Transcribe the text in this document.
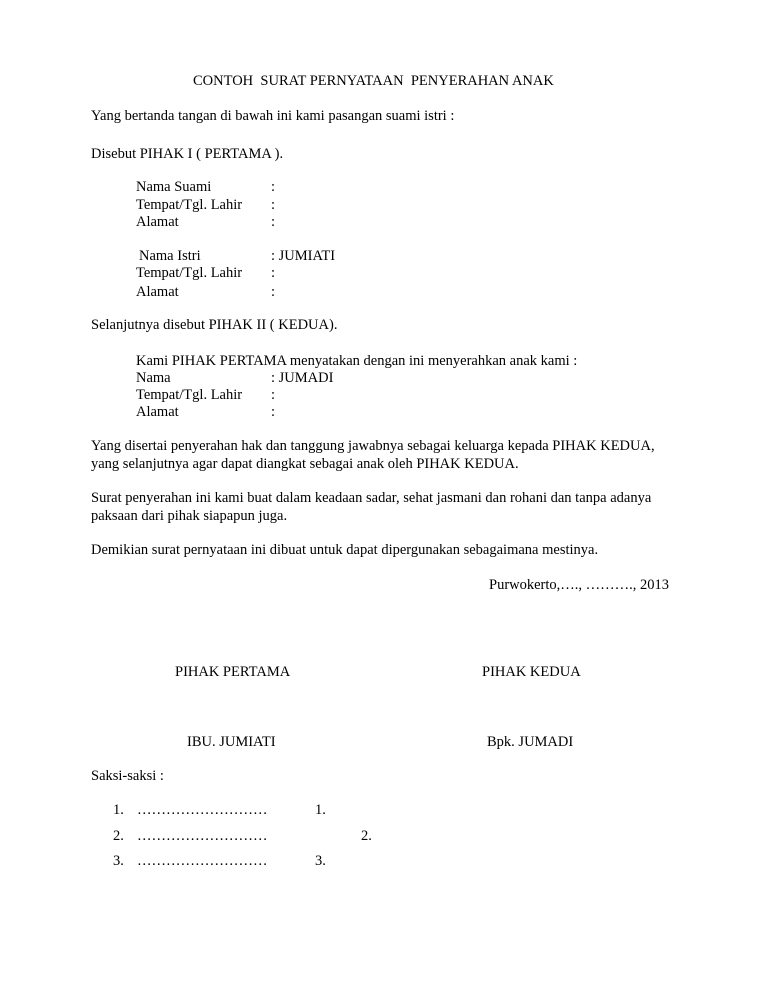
CONTOH  SURAT PERNYATAAN  PENYERAHAN ANAK
Yang bertanda tangan di bawah ini kami pasangan suami istri :
Disebut PIHAK I ( PERTAMA ).
Nama Suami	:
Tempat/Tgl. Lahir :
Alamat	:
Nama Istri	: JUMIATI
Tempat/Tgl. Lahir :
Alamat	:
Selanjutnya disebut PIHAK II ( KEDUA).
Kami PIHAK PERTAMA menyatakan dengan ini menyerahkan anak kami :
Nama	: JUMADI
Tempat/Tgl. Lahir :
Alamat	:
Yang disertai penyerahan hak dan tanggung jawabnya sebagai keluarga kepada PIHAK KEDUA,
yang selanjutnya agar dapat diangkat sebagai anak oleh PIHAK KEDUA.
Surat penyerahan ini kami buat dalam keadaan sadar, sehat jasmani dan rohani dan tanpa adanya
paksaan dari pihak siapapun juga.
Demikian surat pernyataan ini dibuat untuk dapat dipergunakan sebagaimana mestinya.
Purwokerto,…., ………., 2013
PIHAK PERTAMA	PIHAK KEDUA
IBU. JUMIATI	Bpk. JUMADI
Saksi-saksi :
1. ………………………	1.
2. ………………………	2.
3. ………………………	3.
